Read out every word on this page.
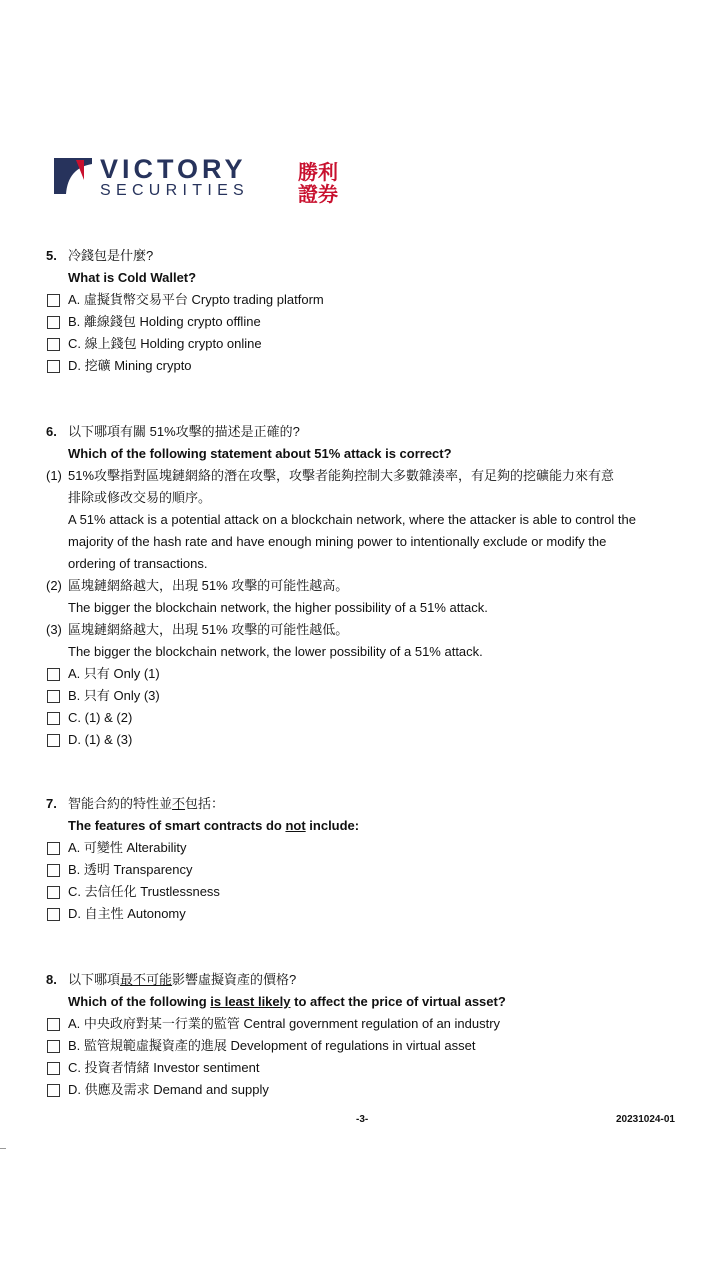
VICTORY
SECURITIES
勝利
證券
5. 冷錢包是什麼?
What is Cold Wallet?
A. 虛擬貨幣交易平台 Crypto trading platform
B. 離線錢包 Holding crypto offline
C. 線上錢包 Holding crypto online
D. 挖礦 Mining crypto
6. 以下哪項有關 51%攻擊的描述是正確的?
Which of the following statement about 51% attack is correct?
(1) 51%攻擊指對區塊鏈網絡的潛在攻擊，攻擊者能夠控制大多數雜湊率，有足夠的挖礦能力來有意
排除或修改交易的順序。
A 51% attack is a potential attack on a blockchain network, where the attacker is able to control the
majority of the hash rate and have enough mining power to intentionally exclude or modify the
ordering of transactions.
(2) 區塊鏈網絡越大，出現 51% 攻擊的可能性越高。
The bigger the blockchain network, the higher possibility of a 51% attack.
(3) 區塊鏈網絡越大，出現 51% 攻擊的可能性越低。
The bigger the blockchain network, the lower possibility of a 51% attack.
A. 只有 Only (1)
B. 只有 Only (3)
C. (1) & (2)
D. (1) & (3)
7. 智能合約的特性並不包括：
The features of smart contracts do not include:
A. 可變性 Alterability
B. 透明 Transparency
C. 去信任化 Trustlessness
D. 自主性 Autonomy
8. 以下哪項最不可能影響虛擬資產的價格?
Which of the following is least likely to affect the price of virtual asset?
A. 中央政府對某一行業的監管 Central government regulation of an industry
B. 監管規範虛擬資產的進展 Development of regulations in virtual asset
C. 投資者情緒 Investor sentiment
D. 供應及需求 Demand and supply
-3-	20231024-01
